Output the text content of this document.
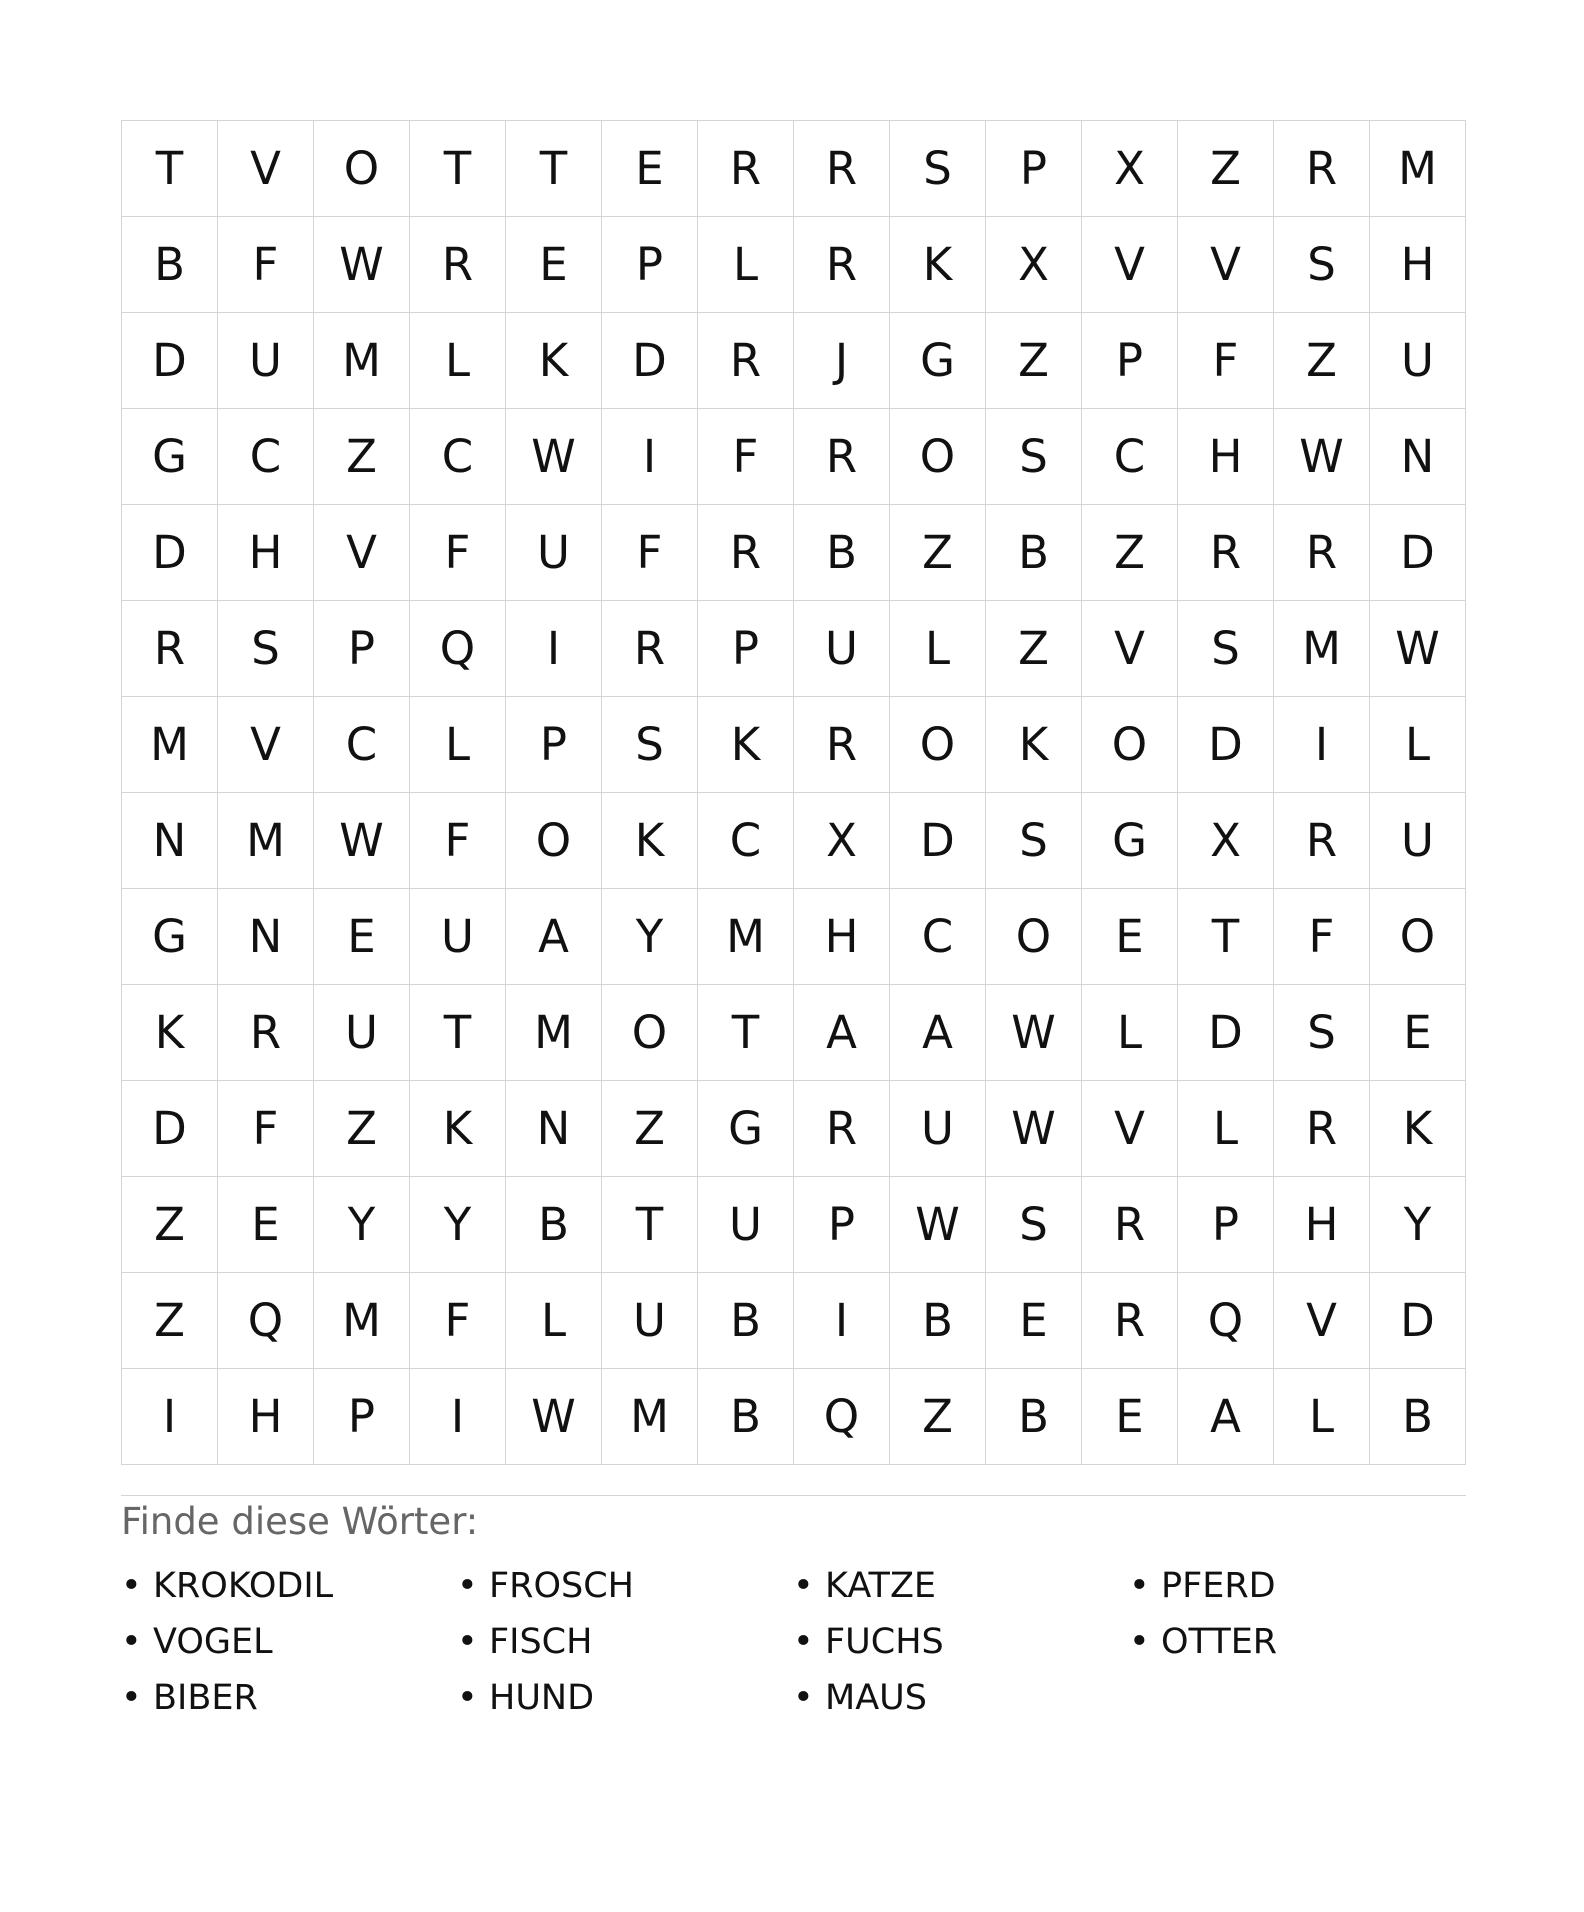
T	V	O	T	T	E	R	R	S	P	X	Z	R	M
B	F	W	R	E	P	L	R	K	X	V	V	S	H
D	U	M	L	K	D	R	J	G	Z	P	F	Z	U
G	C	Z	C	W	I	F	R	O	S	C	H	W	N
D	H	V	F	U	F	R	B	Z	B	Z	R	R	D
R	S	P	Q	I	R	P	U	L	Z	V	S	M	W
M	V	C	L	P	S	K	R	O	K	O	D	I	L
N	M	W	F	O	K	C	X	D	S	G	X	R	U
G	N	E	U	A	Y	M	H	C	O	E	T	F	O
K	R	U	T	M	O	T	A	A	W	L	D	S	E
D	F	Z	K	N	Z	G	R	U	W	V	L	R	K
Z	E	Y	Y	B	T	U	P	W	S	R	P	H	Y
Z	Q	M	F	L	U	B	I	B	E	R	Q	V	D
I	H	P	I	W	M	B	Q	Z	B	E	A	L	B
Finde diese Wörter:
• KROKODIL	• FROSCH	• KATZE	• PFERD
• VOGEL	• FISCH	• FUCHS	• OTTER
• BIBER	• HUND	• MAUS
